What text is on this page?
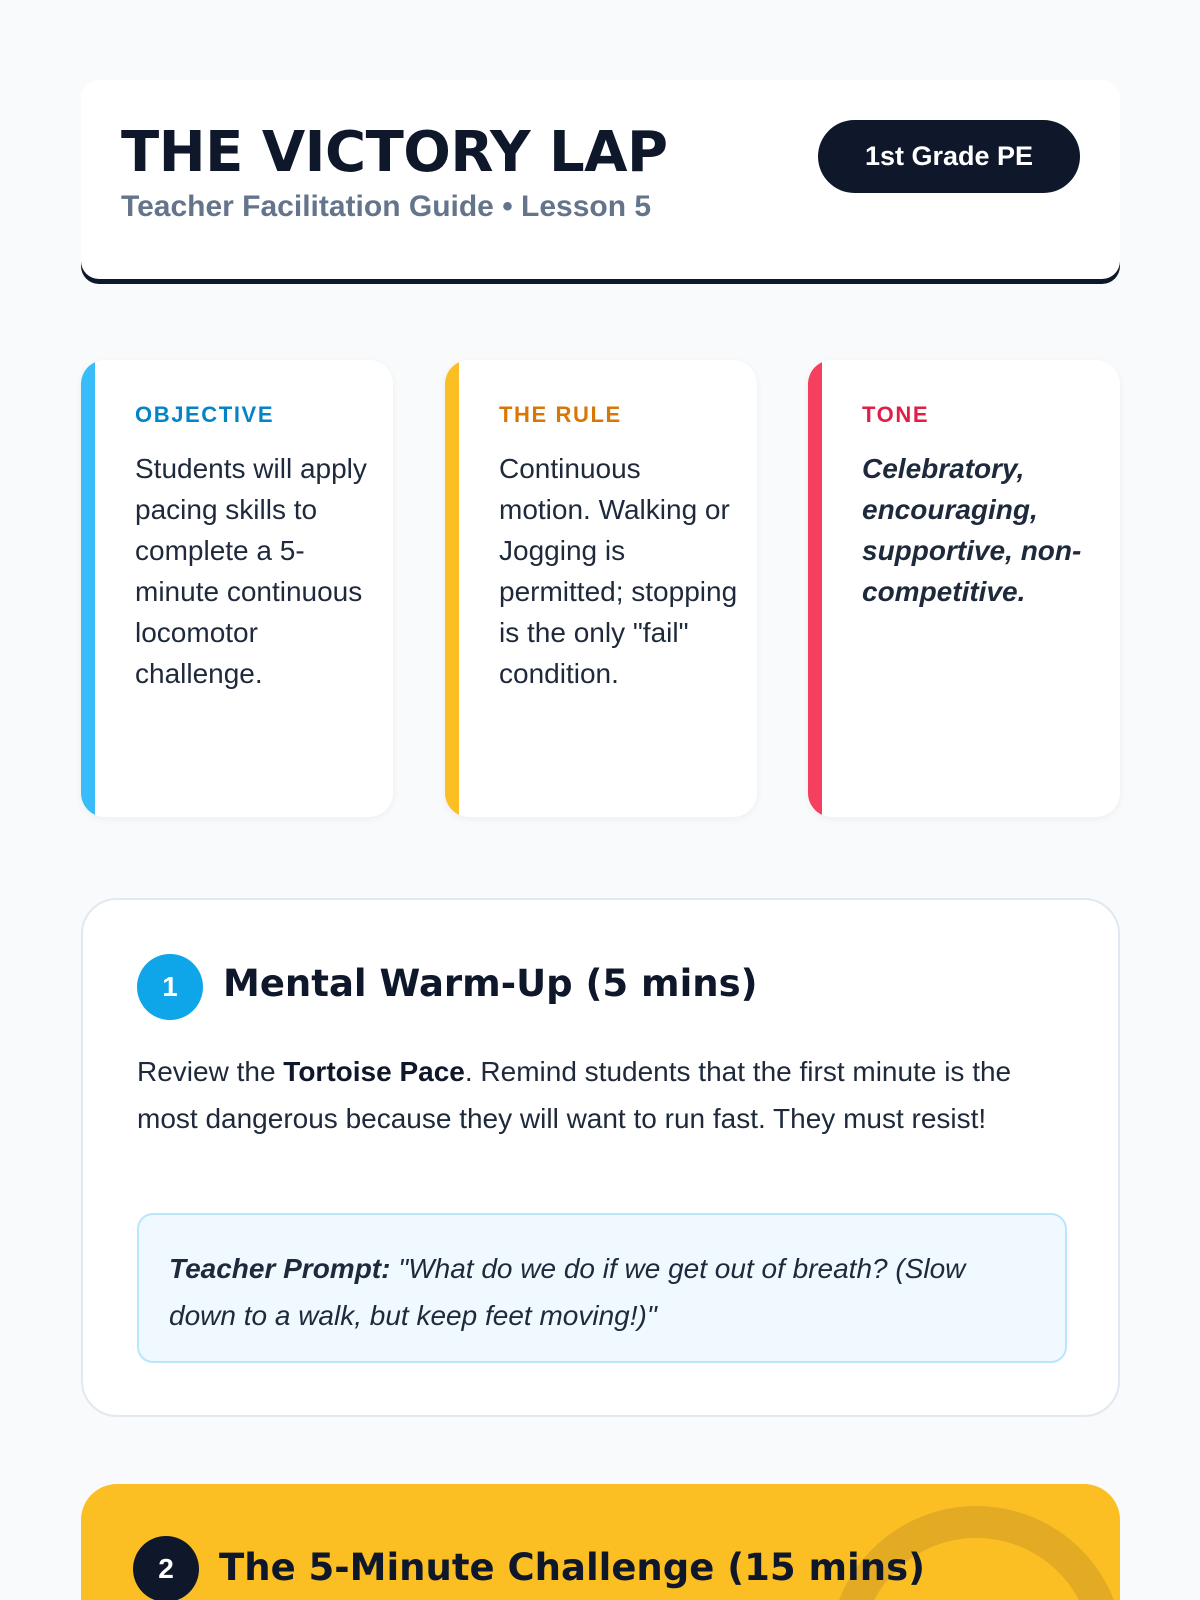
THE VICTORY LAP
Teacher Facilitation Guide • Lesson 5
1st Grade PE
OBJECTIVE
Students will apply pacing skills to complete a 5-minute continuous locomotor challenge.
THE RULE
Continuous motion. Walking or Jogging is permitted; stopping is the only "fail" condition.
TONE
Celebratory, encouraging, supportive, non-competitive.
1	Mental Warm-Up (5 mins)
Review the Tortoise Pace. Remind students that the first minute is the most dangerous because they will want to run fast. They must resist!
Teacher Prompt: "What do we do if we get out of breath? (Slow down to a walk, but keep feet moving!)"
2	The 5-Minute Challenge (15 mins)
